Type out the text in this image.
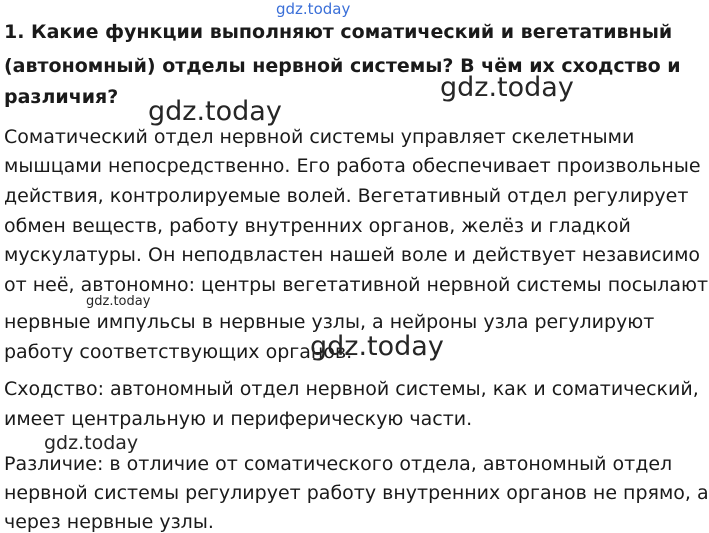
gdz.today
1. Какие функции выполняют соматический и вегетативный
(автономный) отделы нервной системы? В чём их сходство и
различия?	gdz.today
gdz.today
Соматический отдел нервной системы управляет скелетными
мышцами непосредственно. Его работа обеспечивает произвольные
действия, контролируемые волей. Вегетативный отдел регулирует
обмен веществ, работу внутренних органов, желёз и гладкой
мускулатуры. Он неподвластен нашей воле и действует независимо
от неё, автономно: центры вегетативной нервной системы посылают
gdz.today
нервные импульсы в нервные узлы, а нейроны узла регулируют
работу соответствующих органов.
gdz.today
Сходство: автономный отдел нервной системы, как и соматический,
имеет центральную и периферическую части.
gdz.today
Различие: в отличие от соматического отдела, автономный отдел
нервной системы регулирует работу внутренних органов не прямо, а
через нервные узлы.
